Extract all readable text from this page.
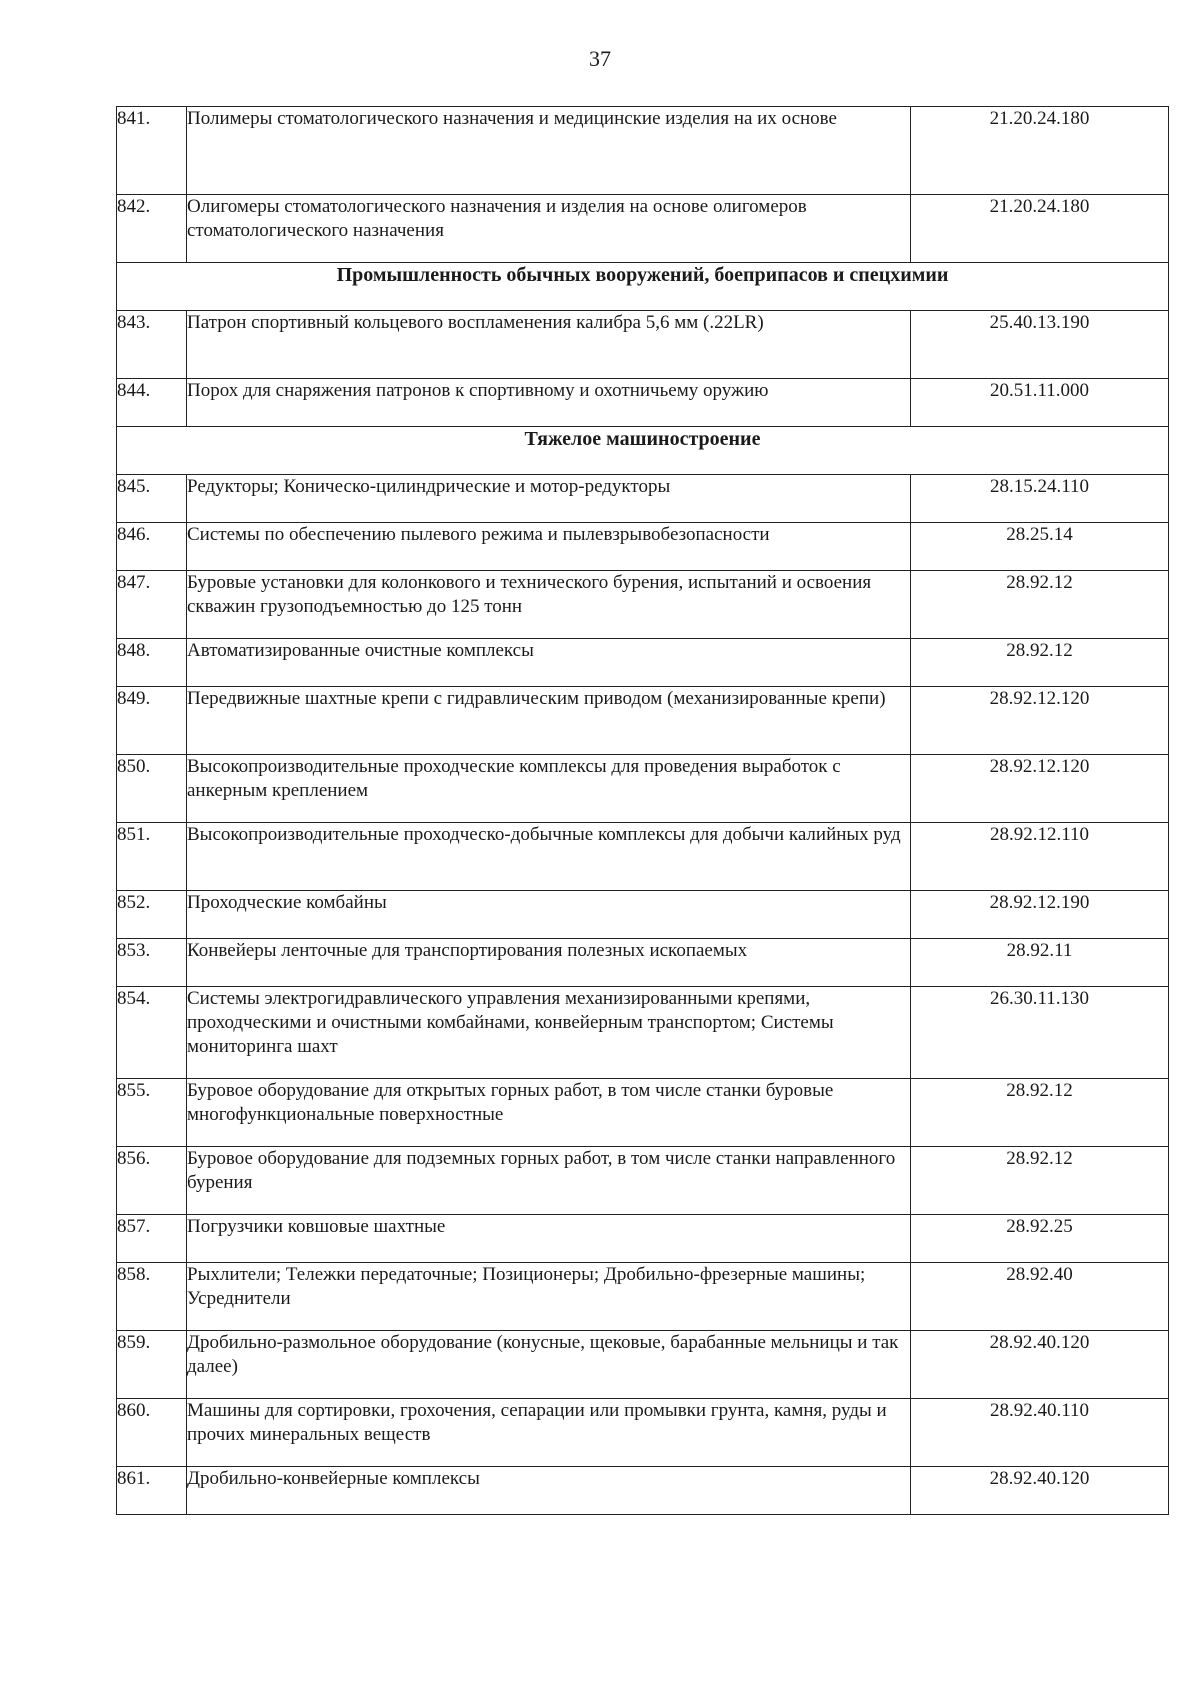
37
841.	Полимеры стоматологического назначения и медицинские изделия на их основе	21.20.24.180
842.	Олигомеры стоматологического назначения и изделия на основе олигомеров стоматологического назначения	21.20.24.180
Промышленность обычных вооружений, боеприпасов и спецхимии		
843.	Патрон спортивный кольцевого воспламенения калибра 5,6 мм (.22LR)	25.40.13.190
844.	Порох для снаряжения патронов к спортивному и охотничьему оружию	20.51.11.000
Тяжелое машиностроение		
845.	Редукторы; Коническо-цилиндрические и мотор-редукторы	28.15.24.110
846.	Системы по обеспечению пылевого режима и пылевзрывобезопасности	28.25.14
847.	Буровые установки для колонкового и технического бурения, испытаний и освоения скважин грузоподъемностью до 125 тонн	28.92.12
848.	Автоматизированные очистные комплексы	28.92.12
849.	Передвижные шахтные крепи с гидравлическим приводом (механизированные крепи)	28.92.12.120
850.	Высокопроизводительные проходческие комплексы для проведения выработок с анкерным креплением	28.92.12.120
851.	Высокопроизводительные проходческо-добычные комплексы для добычи калийных руд	28.92.12.110
852.	Проходческие комбайны	28.92.12.190
853.	Конвейеры ленточные для транспортирования полезных ископаемых	28.92.11
854.	Системы электрогидравлического управления механизированными крепями, проходческими и очистными комбайнами, конвейерным транспортом; Системы мониторинга шахт	26.30.11.130
855.	Буровое оборудование для открытых горных работ, в том числе станки буровые многофункциональные поверхностные	28.92.12
856.	Буровое оборудование для подземных горных работ, в том числе станки направленного бурения	28.92.12
857.	Погрузчики ковшовые шахтные	28.92.25
858.	Рыхлители; Тележки передаточные; Позиционеры; Дробильно-фрезерные машины; Усреднители	28.92.40
859.	Дробильно-размольное оборудование (конусные, щековые, барабанные мельницы и так далее)	28.92.40.120
860.	Машины для сортировки, грохочения, сепарации или промывки грунта, камня, руды и прочих минеральных веществ	28.92.40.110
861.	Дробильно-конвейерные комплексы	28.92.40.120
